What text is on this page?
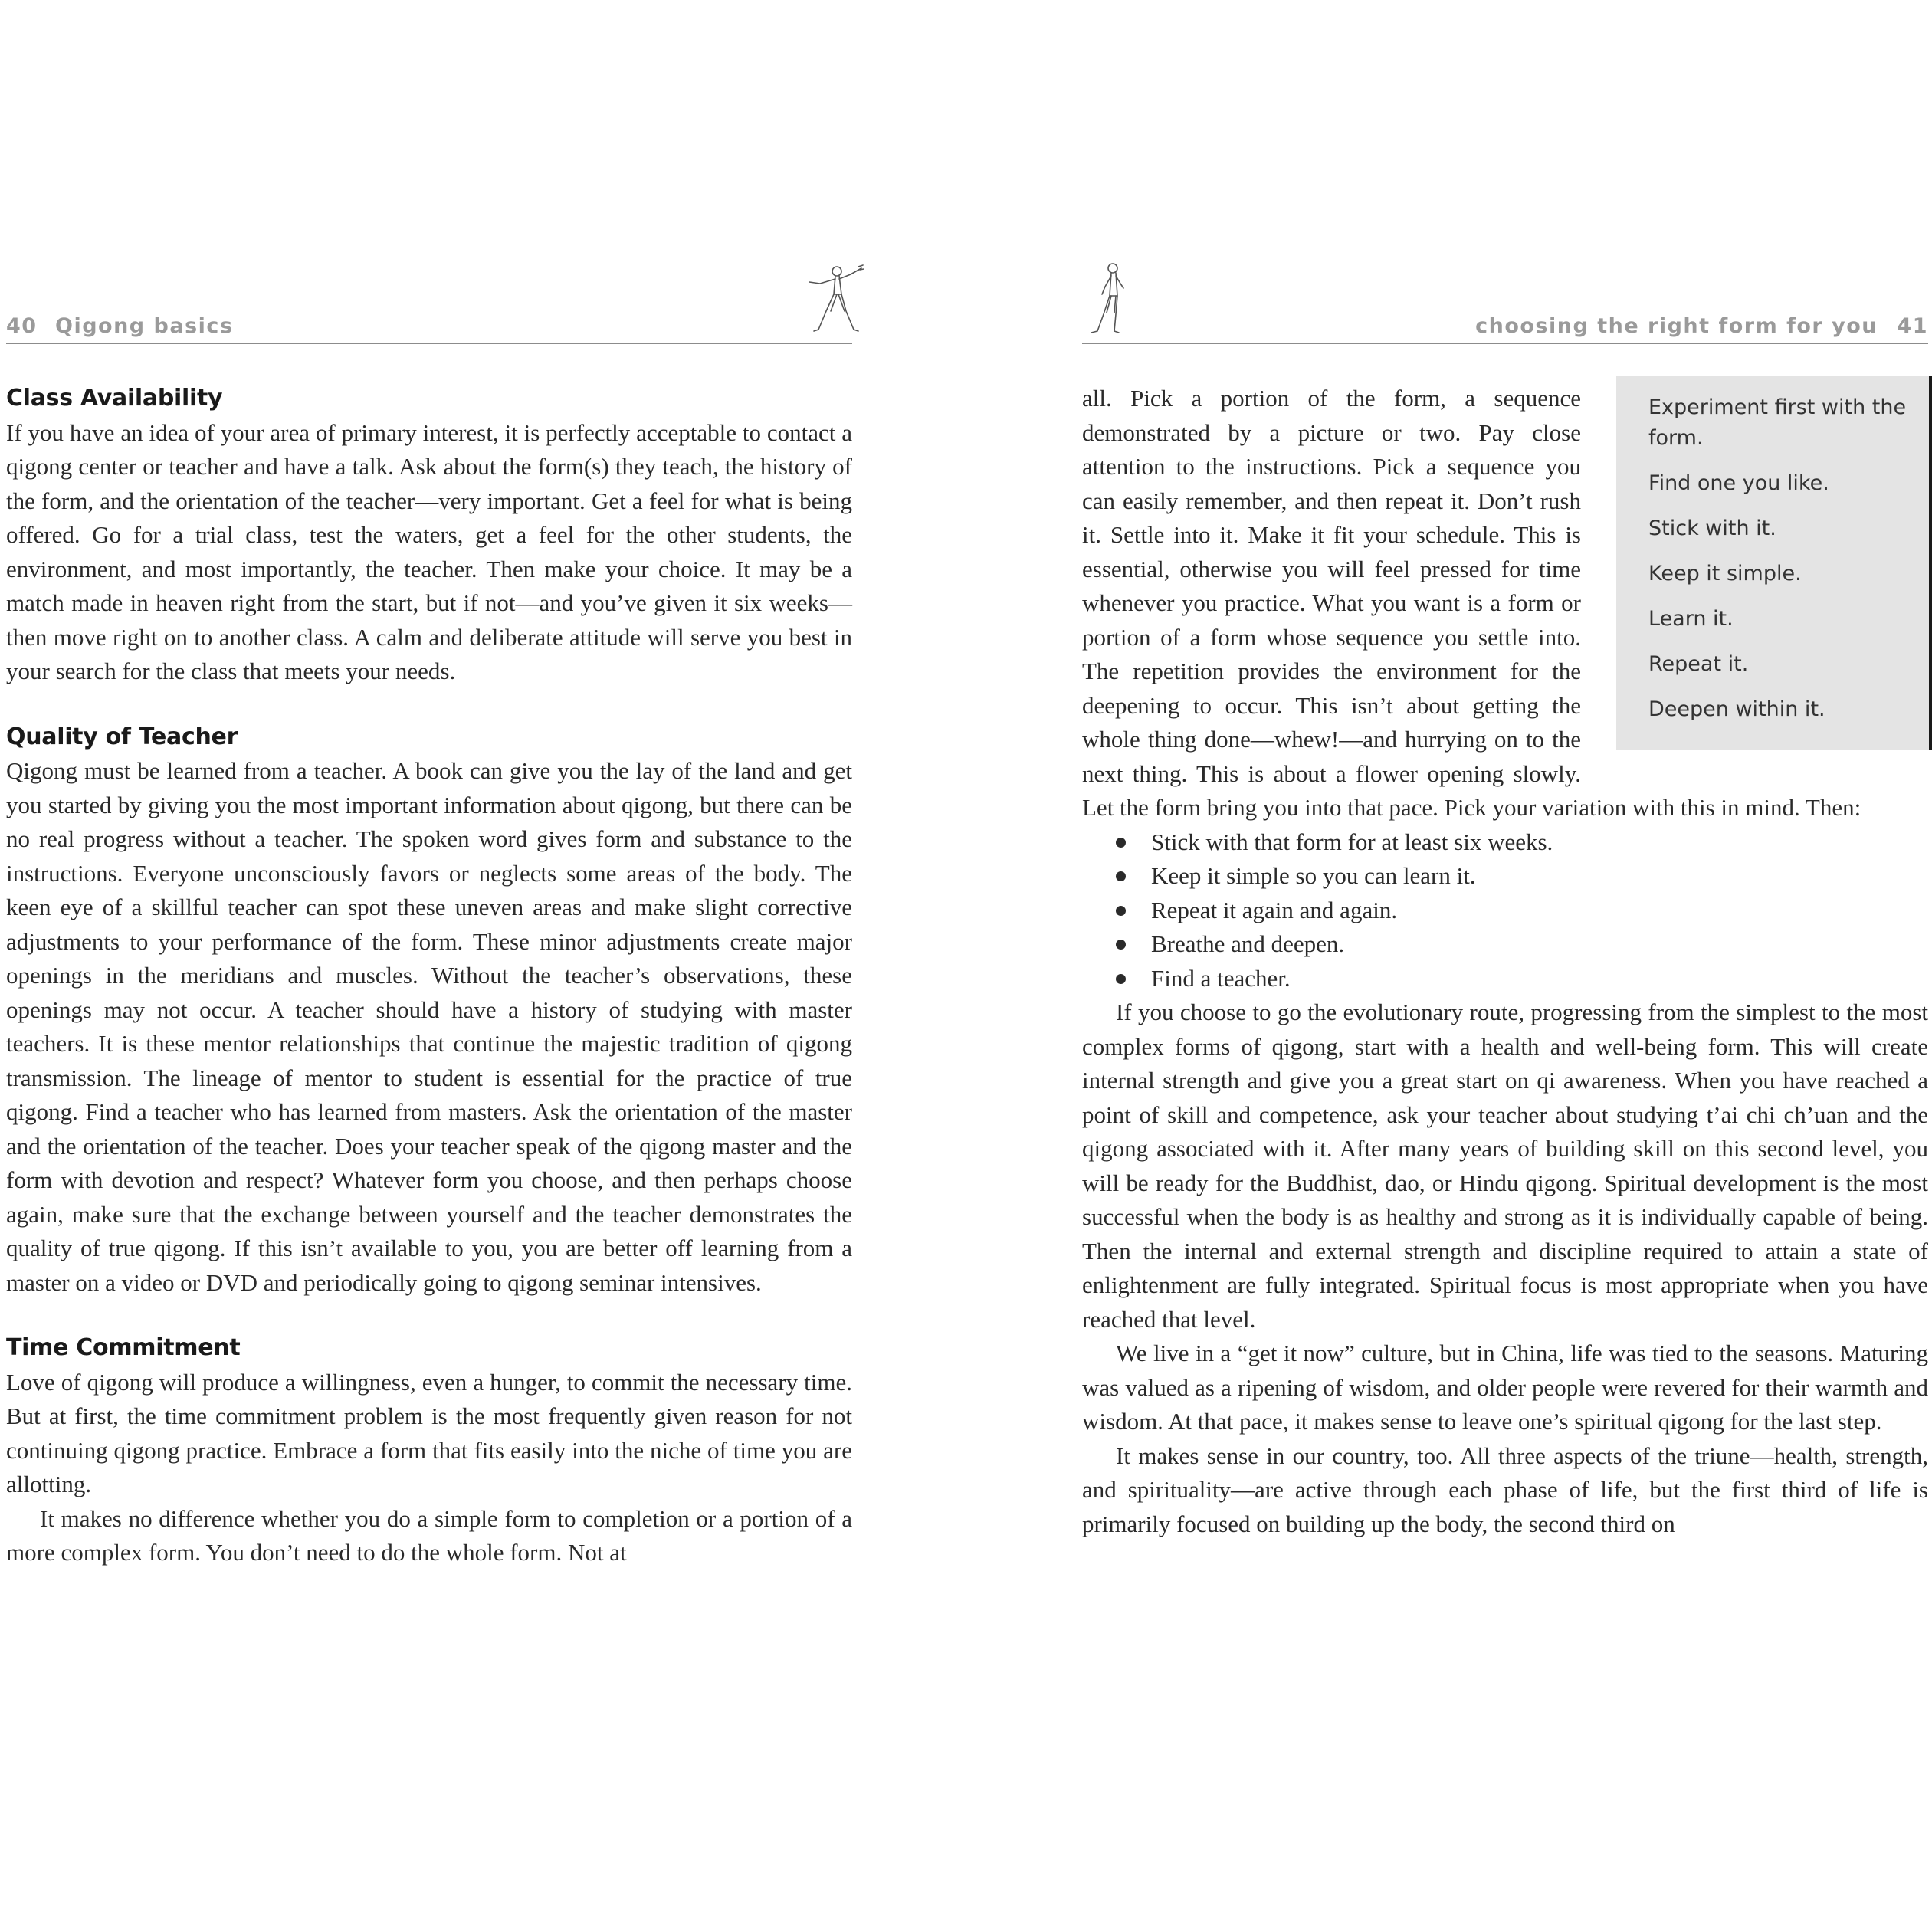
40 Qigong basics
Class Availability

If you have an idea of your area of primary interest, it is perfectly acceptable to contact a qigong center or teacher and have a talk. Ask about the form(s) they teach, the history of the form, and the orientation of the teacher—very important. Get a feel for what is being offered. Go for a trial class, test the waters, get a feel for the other students, the environment, and most importantly, the teacher. Then make your choice. It may be a match made in heaven right from the start, but if not—and you’ve given it six weeks—then move right on to another class. A calm and deliberate attitude will serve you best in your search for the class that meets your needs.

Quality of Teacher

Qigong must be learned from a teacher. A book can give you the lay of the land and get you started by giving you the most important information about qigong, but there can be no real progress without a teacher. The spoken word gives form and substance to the instructions. Everyone unconsciously favors or neglects some areas of the body. The keen eye of a skillful teacher can spot these uneven areas and make slight corrective adjustments to your performance of the form. These minor adjustments create major openings in the meridians and muscles. Without the teacher’s observations, these openings may not occur. A teacher should have a history of studying with master teachers. It is these mentor relationships that continue the majestic tradition of qigong transmission. The lineage of mentor to student is essential for the practice of true qigong. Find a teacher who has learned from masters. Ask the orientation of the master and the orientation of the teacher. Does your teacher speak of the qigong master and the form with devotion and respect? Whatever form you choose, and then perhaps choose again, make sure that the exchange between yourself and the teacher demonstrates the quality of true qigong. If this isn’t available to you, you are better off learning from a master on a video or DVD and periodically going to qigong seminar intensives.

Time Commitment

Love of qigong will produce a willingness, even a hunger, to commit the necessary time. But at first, the time commitment problem is the most frequently given reason for not continuing qigong practice. Embrace a form that fits easily into the niche of time you are allotting.

It makes no difference whether you do a simple form to completion or a portion of a more complex form. You don’t need to do the whole form. Not at

choosing the right form for you 41
Experiment first with the form.
Find one you like.
Stick with it.
Keep it simple.
Learn it.
Repeat it.
Deepen within it.

all. Pick a portion of the form, a sequence demonstrated by a picture or two. Pay close attention to the instructions. Pick a sequence you can easily remember, and then repeat it. Don’t rush it. Settle into it. Make it fit your schedule. This is essential, otherwise you will feel pressed for time whenever you practice. What you want is a form or portion of a form whose sequence you settle into. The repetition provides the environment for the deepening to occur. This isn’t about getting the whole thing done—whew!—and hurrying on to the next thing. This is about a flower opening slowly. Let the form bring you into that pace. Pick your variation with this in mind. Then:

Stick with that form for at least six weeks.
Keep it simple so you can learn it.
Repeat it again and again.
Breathe and deepen.
Find a teacher.

If you choose to go the evolutionary route, progressing from the simplest to the most complex forms of qigong, start with a health and well-being form. This will create internal strength and give you a great start on qi awareness. When you have reached a point of skill and competence, ask your teacher about studying t’ai chi ch’uan and the qigong associated with it. After many years of building skill on this second level, you will be ready for the Buddhist, dao, or Hindu qigong. Spiritual development is the most successful when the body is as healthy and strong as it is individually capable of being. Then the internal and external strength and discipline required to attain a state of enlightenment are fully integrated. Spiritual focus is most appropriate when you have reached that level.

We live in a “get it now” culture, but in China, life was tied to the seasons. Maturing was valued as a ripening of wisdom, and older people were revered for their warmth and wisdom. At that pace, it makes sense to leave one’s spiritual qigong for the last step.

It makes sense in our country, too. All three aspects of the triune—health, strength, and spirituality—are active through each phase of life, but the first third of life is primarily focused on building up the body, the second third on
